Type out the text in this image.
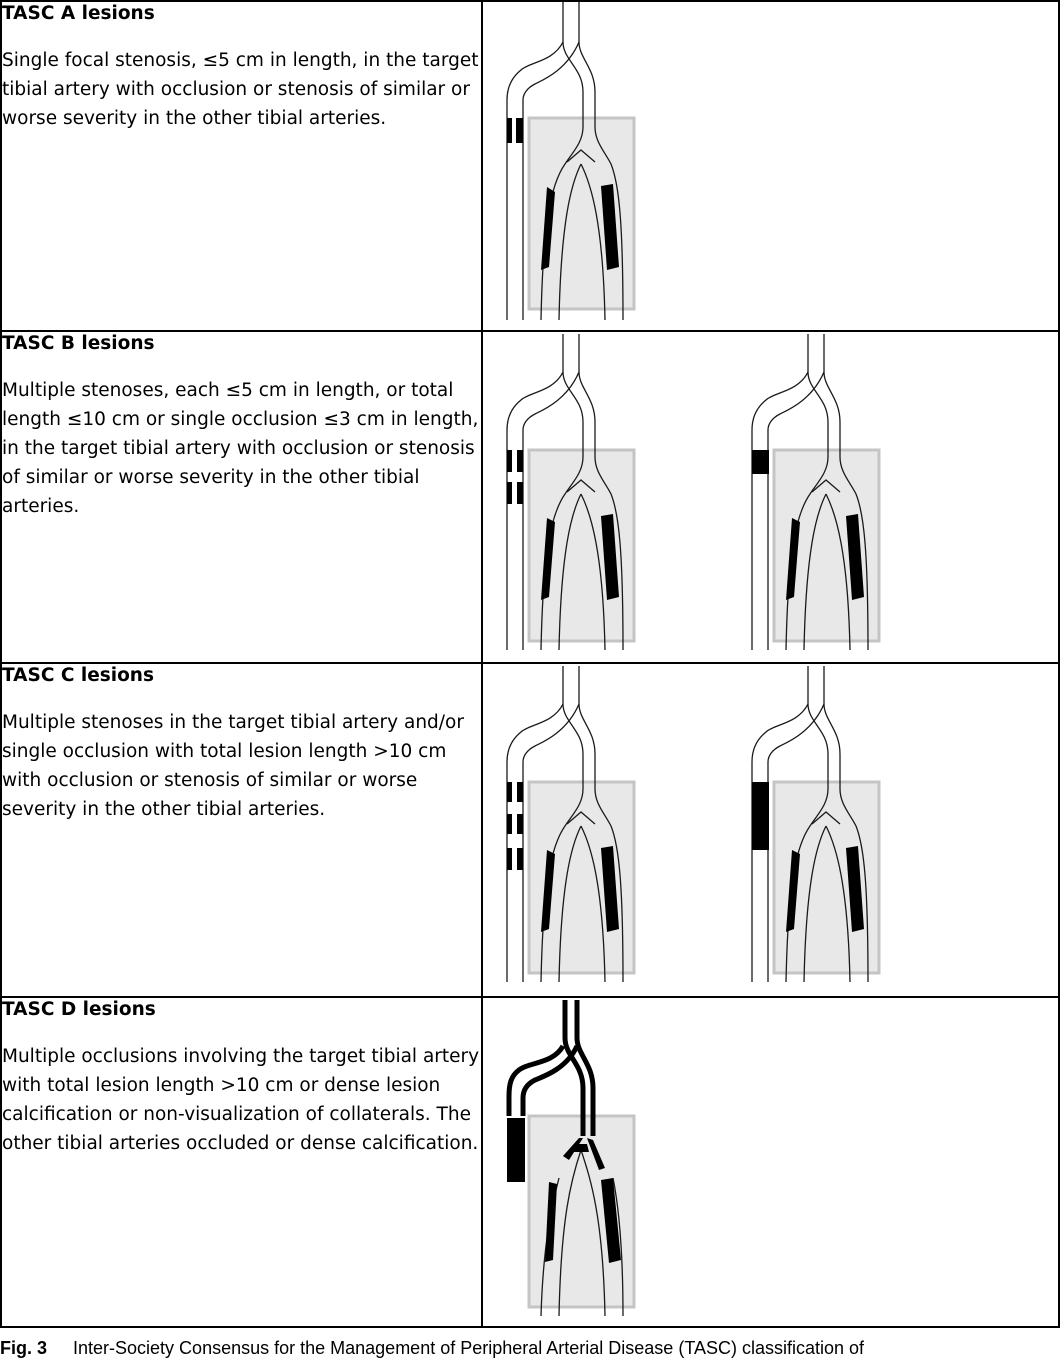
TASC A lesions
Single focal stenosis, ≤5 cm in length, in the target tibial artery with occlusion or stenosis of similar or worse severity in the other tibial arteries.

TASC B lesions
Multiple stenoses, each ≤5 cm in length, or total length ≤10 cm or single occlusion ≤3 cm in length, in the target tibial artery with occlusion or stenosis of similar or worse severity in the other tibial arteries.

TASC C lesions
Multiple stenoses in the target tibial artery and/or single occlusion with total lesion length >10 cm with occlusion or stenosis of similar or worse severity in the other tibial arteries.

TASC D lesions
Multiple occlusions involving the target tibial artery with total lesion length >10 cm or dense lesion calcification or non-visualization of collaterals. The other tibial arteries occluded or dense calcification.

Fig. 3 Inter-Society Consensus for the Management of Peripheral Arterial Disease (TASC) classification of
